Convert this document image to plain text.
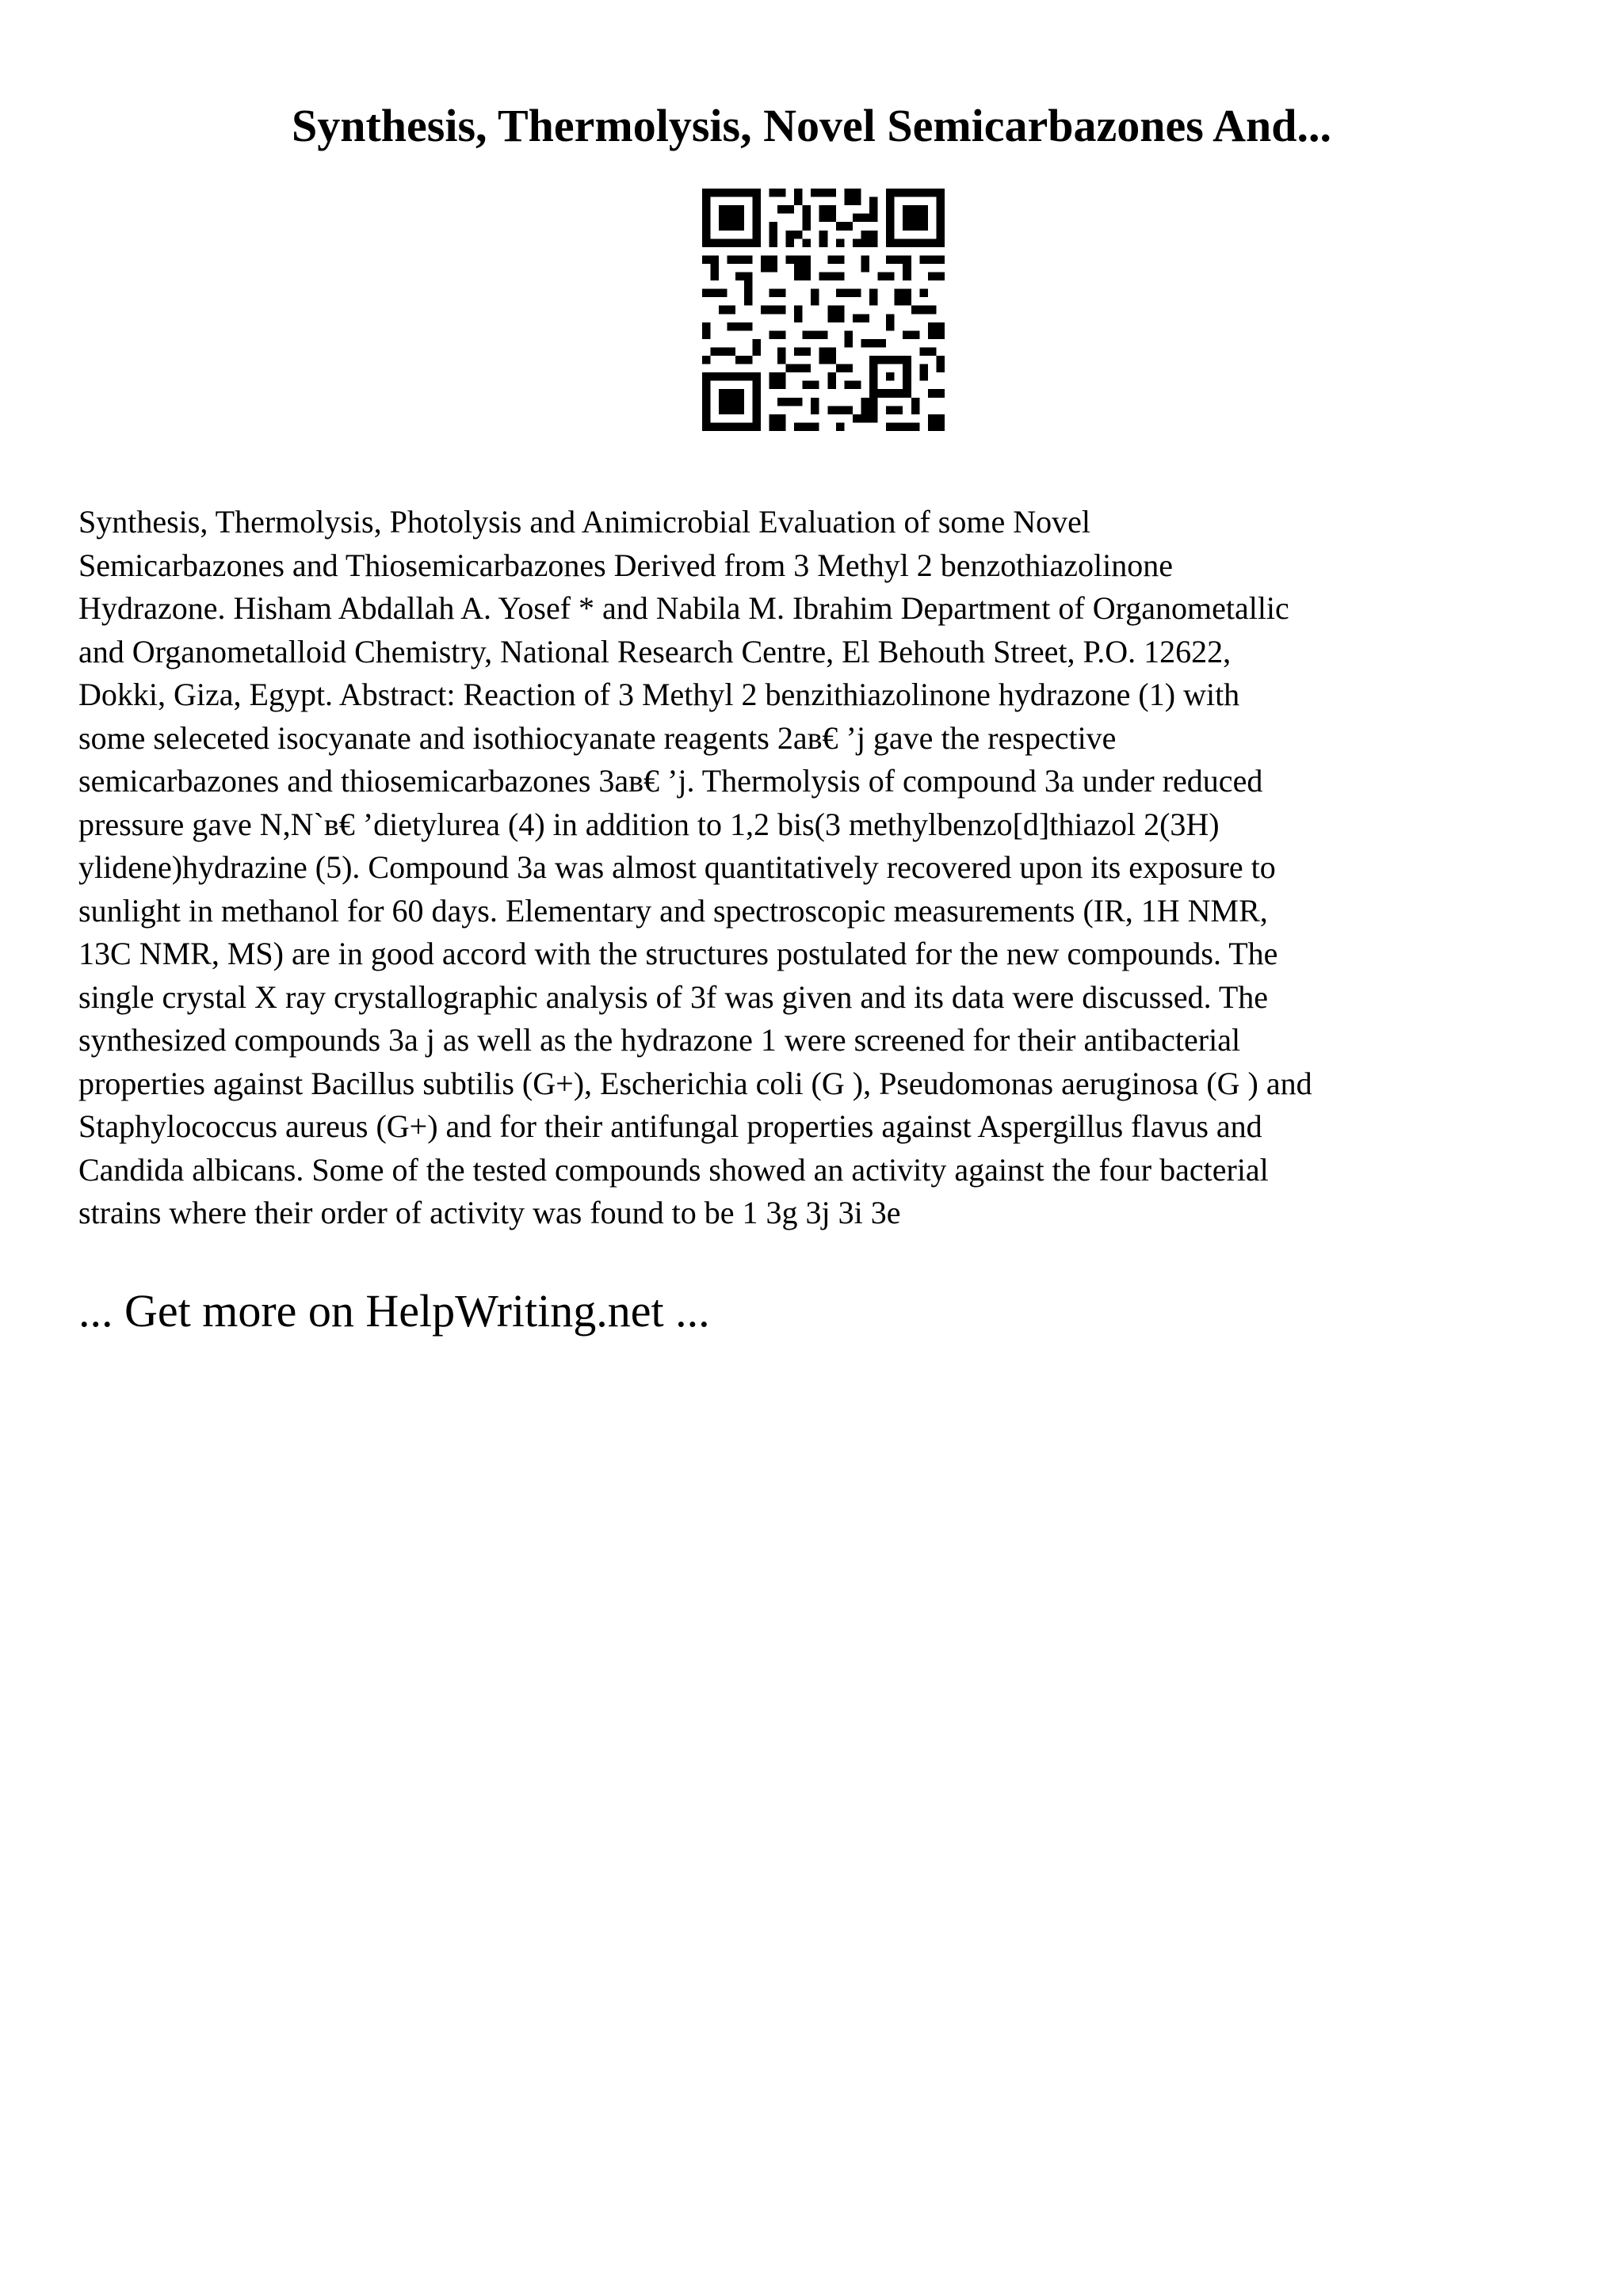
Synthesis, Thermolysis, Novel Semicarbazones And...

Synthesis, Thermolysis, Photolysis and Animicrobial Evaluation of some Novel
Semicarbazones and Thiosemicarbazones Derived from 3 Methyl 2 benzothiazolinone
Hydrazone. Hisham Abdallah A. Yosef * and Nabila M. Ibrahim Department of Organometallic
and Organometalloid Chemistry, National Research Centre, El Behouth Street, P.O. 12622,
Dokki, Giza, Egypt. Abstract: Reaction of 3 Methyl 2 benzithiazolinone hydrazone (1) with
some seleceted isocyanate and isothiocyanate reagents 2aв€ ’j gave the respective
semicarbazones and thiosemicarbazones 3aв€ ’j. Thermolysis of compound 3a under reduced
pressure gave N,N`в€ ’dietylurea (4) in addition to 1,2 bis(3 methylbenzo[d]thiazol 2(3H)
ylidene)hydrazine (5). Compound 3a was almost quantitatively recovered upon its exposure to
sunlight in methanol for 60 days. Elementary and spectroscopic measurements (IR, 1H NMR,
13C NMR, MS) are in good accord with the structures postulated for the new compounds. The
single crystal X ray crystallographic analysis of 3f was given and its data were discussed. The
synthesized compounds 3a j as well as the hydrazone 1 were screened for their antibacterial
properties against Bacillus subtilis (G+), Escherichia coli (G ), Pseudomonas aeruginosa (G ) and
Staphylococcus aureus (G+) and for their antifungal properties against Aspergillus flavus and
Candida albicans. Some of the tested compounds showed an activity against the four bacterial
strains where their order of activity was found to be 1 3g 3j 3i 3e

... Get more on HelpWriting.net ...
